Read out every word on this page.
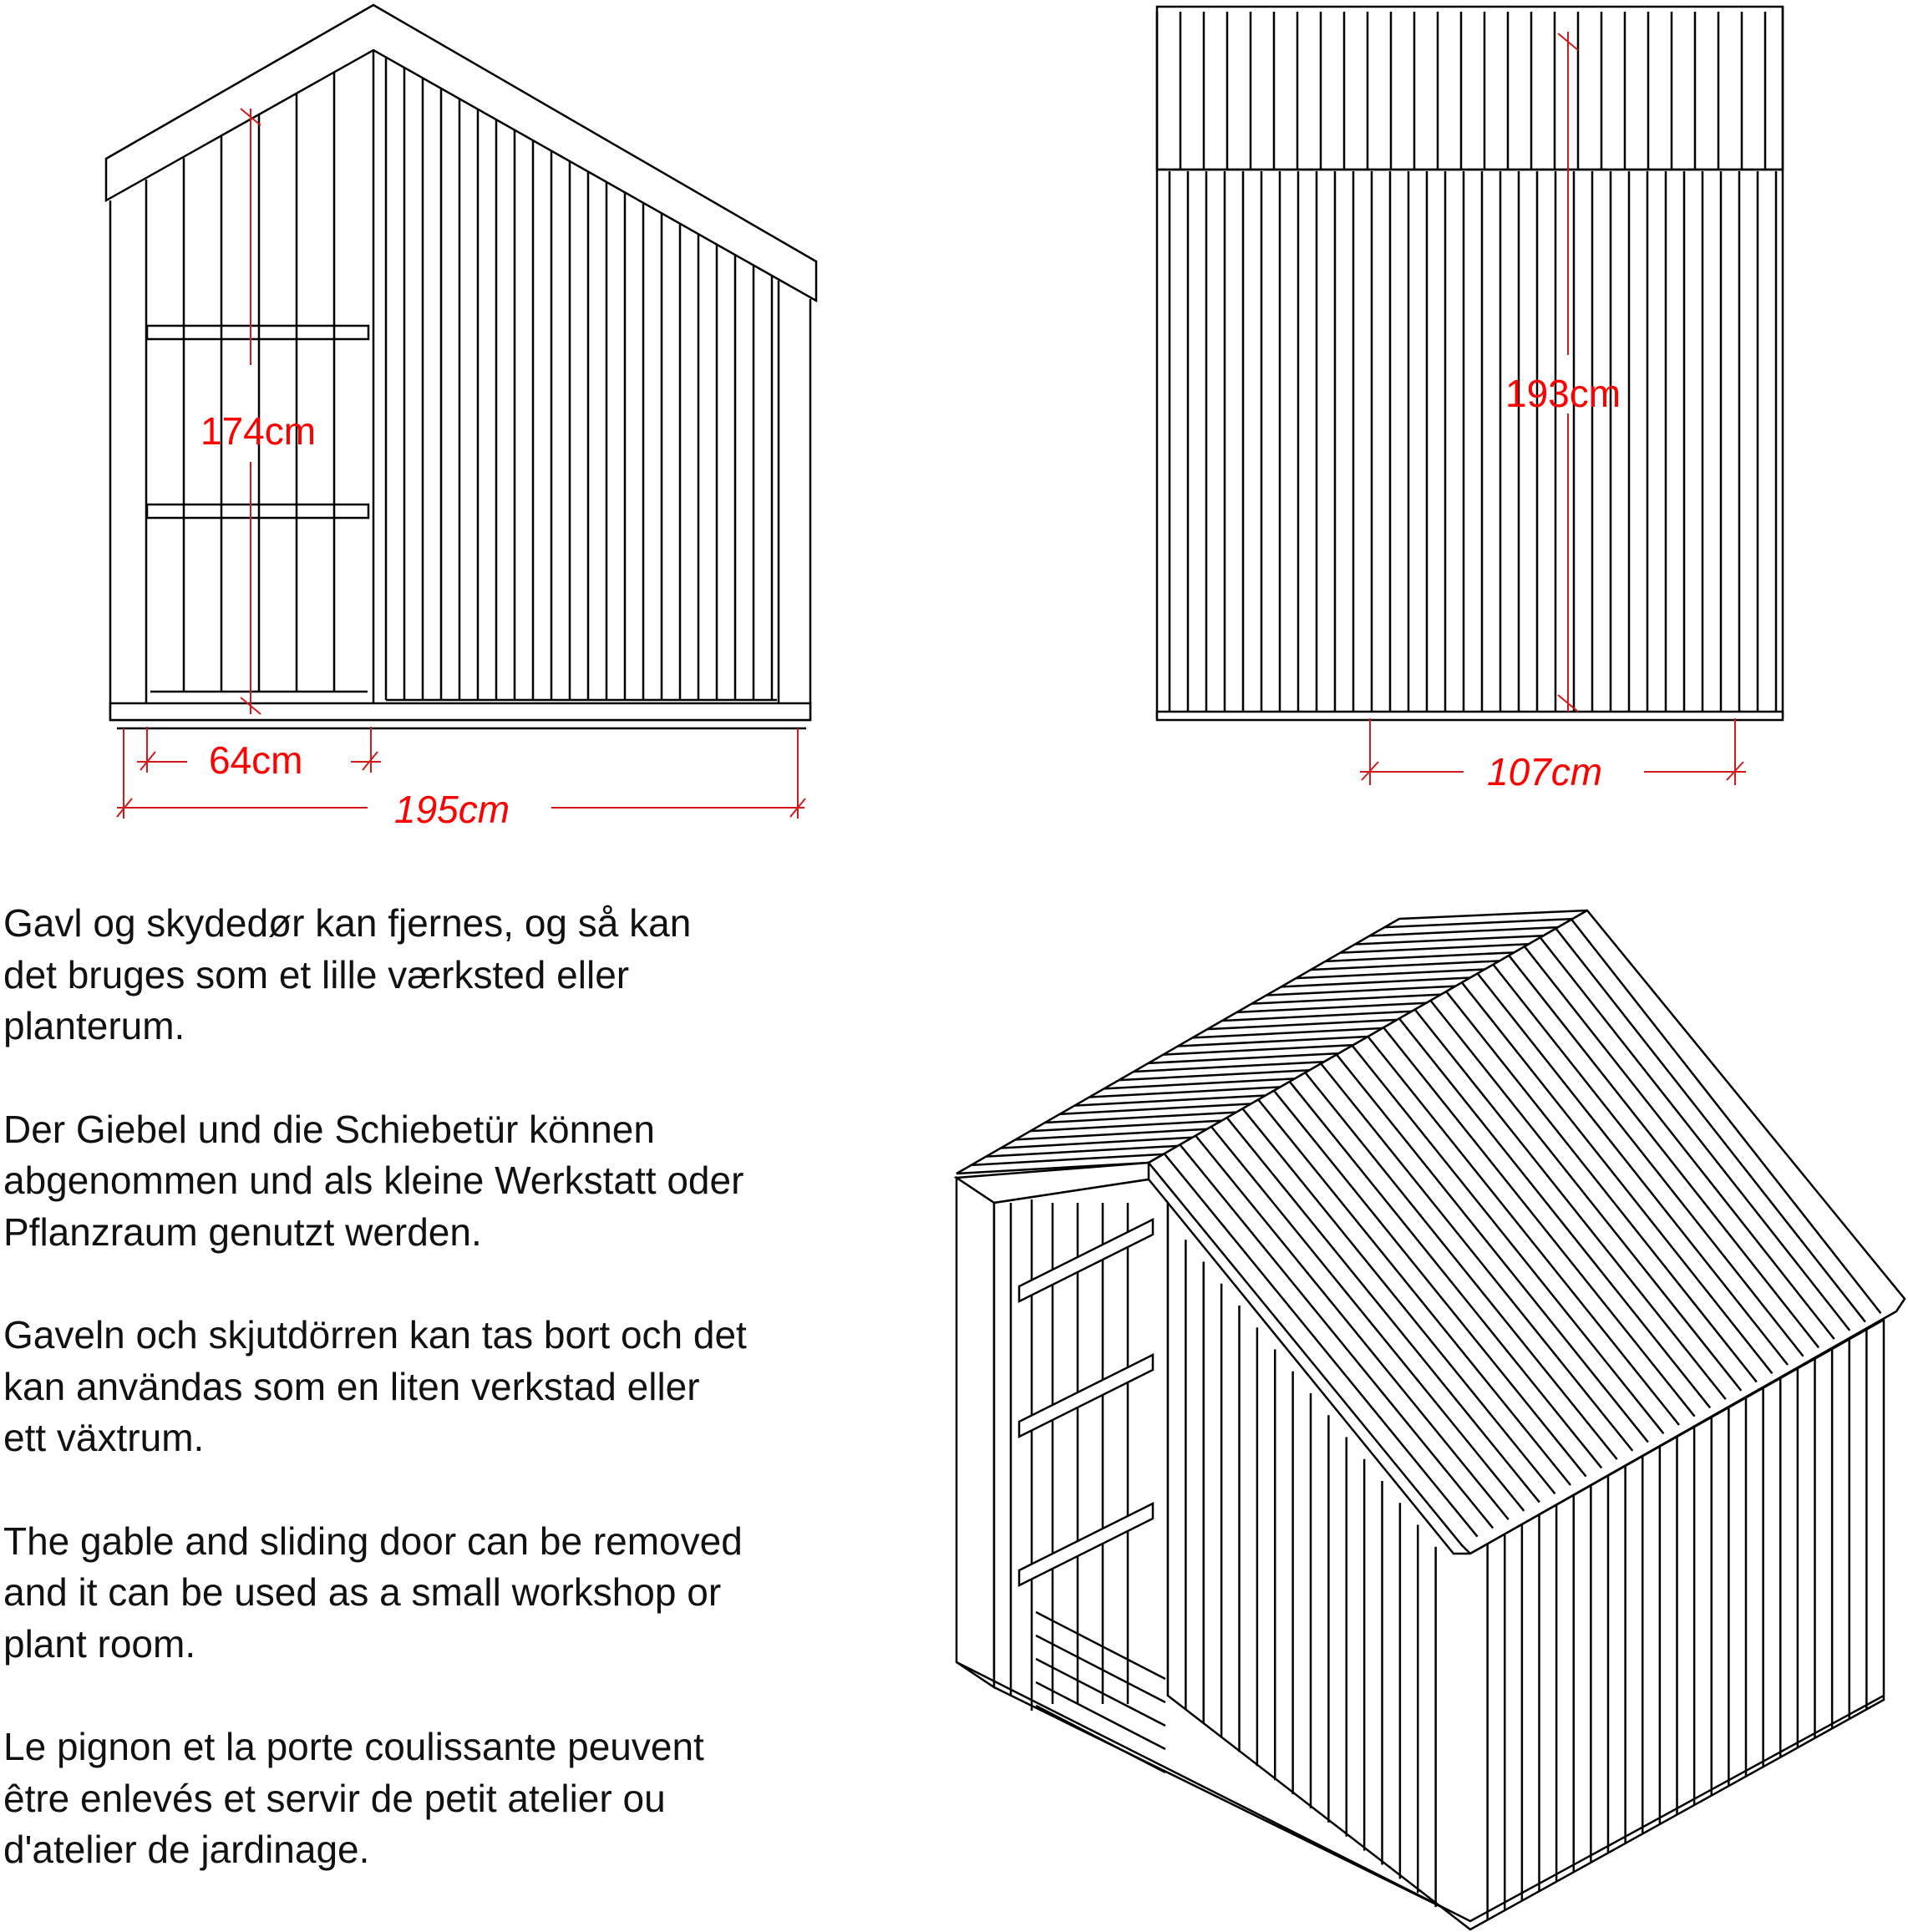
174cm
64cm
195cm
193cm
107cm

Gavl og skydedør kan fjernes, og så kan
det bruges som et lille værksted eller
planterum.

Der Giebel und die Schiebetür können
abgenommen und als kleine Werkstatt oder
Pflanzraum genutzt werden.

Gaveln och skjutdörren kan tas bort och det
kan användas som en liten verkstad eller
ett växtrum.

The gable and sliding door can be removed
and it can be used as a small workshop or
plant room.

Le pignon et la porte coulissante peuvent
être enlevés et servir de petit atelier ou
d'atelier de jardinage.
